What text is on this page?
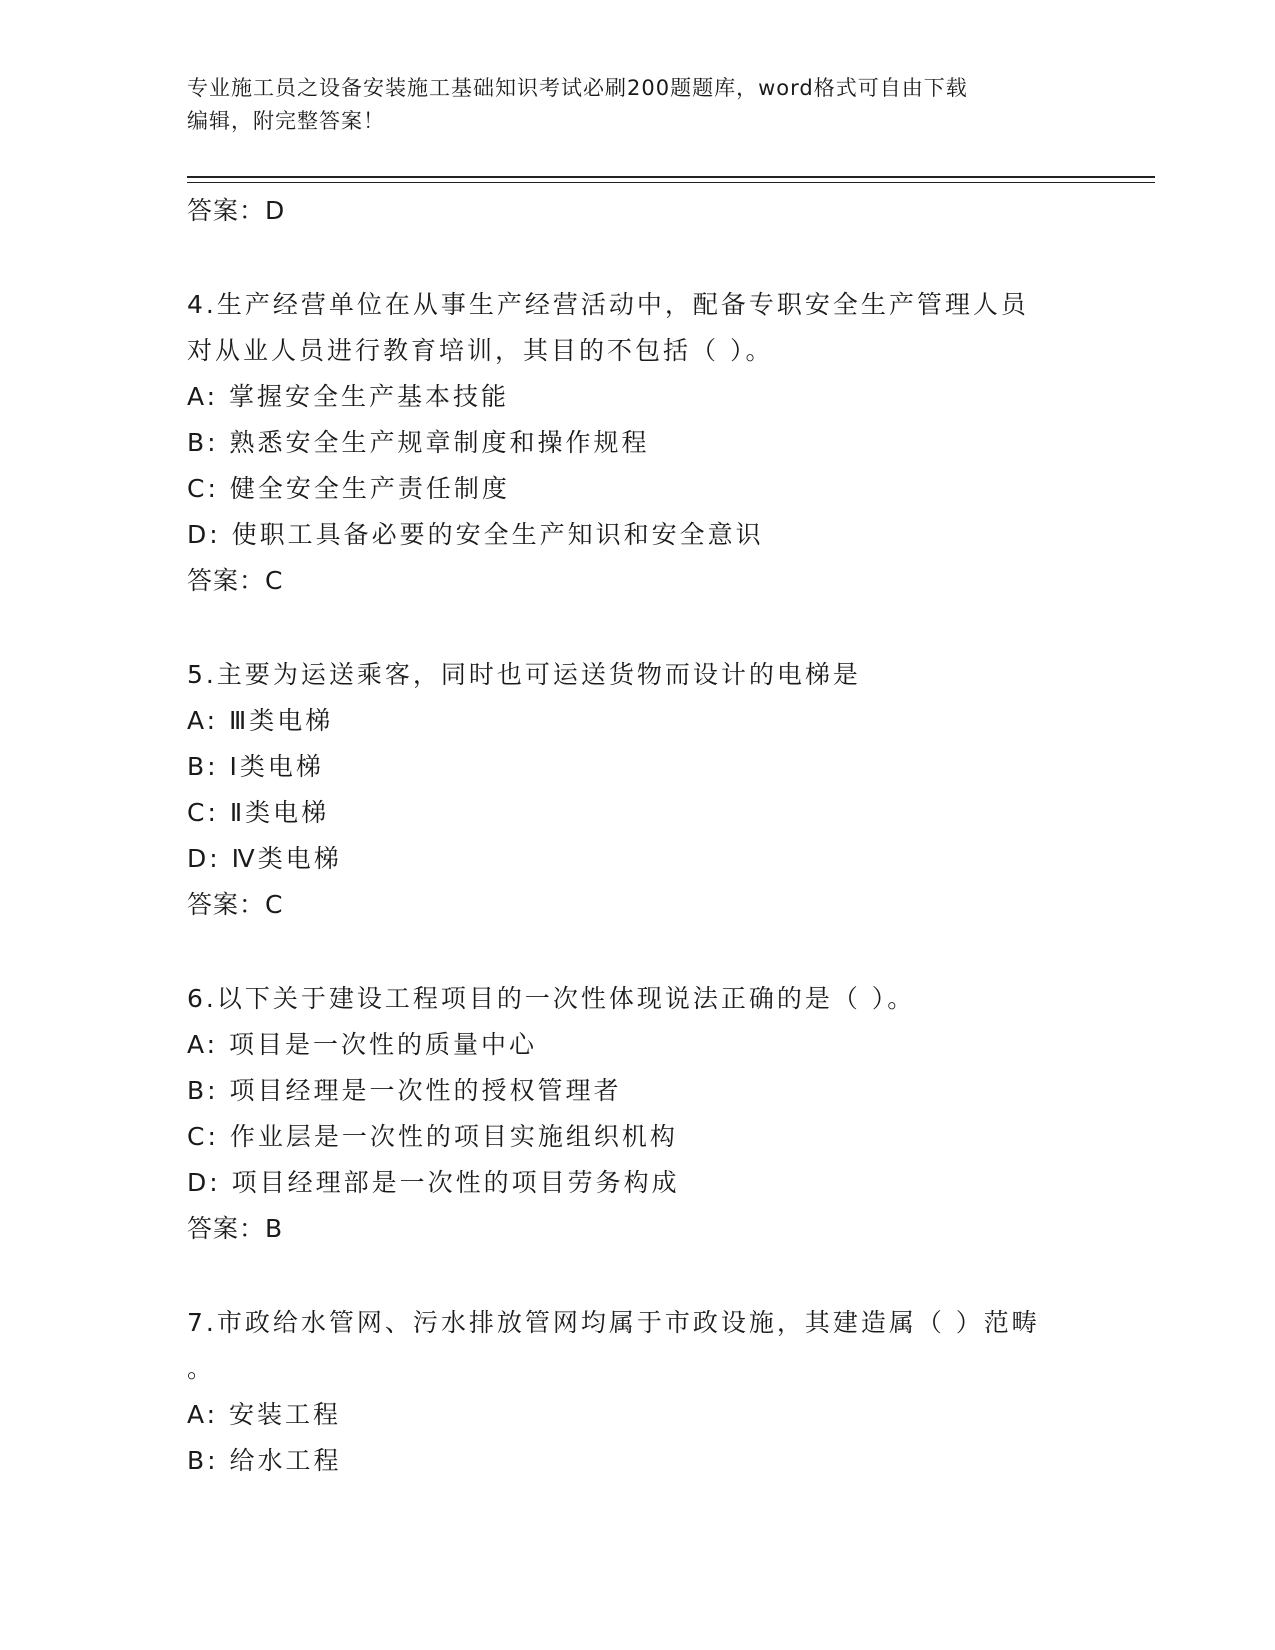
专业施工员之设备安装施工基础知识考试必刷200题题库，word格式可自由下载
编辑，附完整答案！

答案：D

4.生产经营单位在从事生产经营活动中，配备专职安全生产管理人员

对从业人员进行教育培训，其目的不包括（ ）。

A: 掌握安全生产基本技能

B: 熟悉安全生产规章制度和操作规程

C: 健全安全生产责任制度

D: 使职工具备必要的安全生产知识和安全意识

答案：C

5.主要为运送乘客，同时也可运送货物而设计的电梯是

A: Ⅲ类电梯

B: Ⅰ类电梯

C: Ⅱ类电梯

D: Ⅳ类电梯

答案：C

6.以下关于建设工程项目的一次性体现说法正确的是（ ）。

A: 项目是一次性的质量中心

B: 项目经理是一次性的授权管理者

C: 作业层是一次性的项目实施组织机构

D: 项目经理部是一次性的项目劳务构成

答案：B

7.市政给水管网、污水排放管网均属于市政设施，其建造属（ ）范畴

。

A: 安装工程

B: 给水工程
